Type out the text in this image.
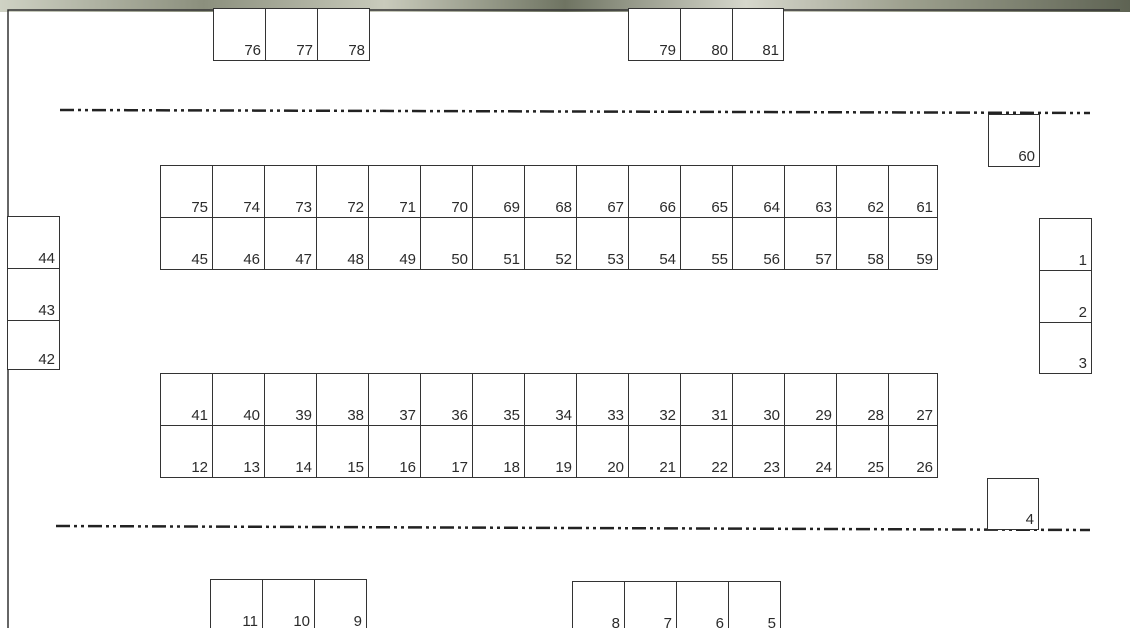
76 77 78	79 80 81
60
75 74 73 72 71 70 69 68 67 66 65 64 63 62 61
45 46 47 48 49 50 51 52 53 54 55 56 57 58 59
44
43
42
1
2
3
41 40 39 38 37 36 35 34 33 32 31 30 29 28 27
12 13 14 15 16 17 18 19 20 21 22 23 24 25 26
4
11 10	9	8	7	6	5
